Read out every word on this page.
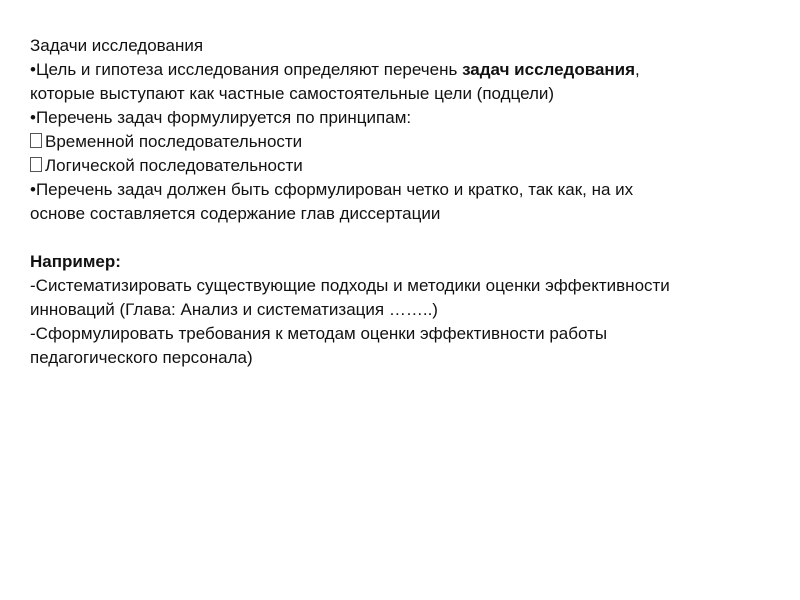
Задачи исследования
•Цель и гипотеза исследования определяют перечень задач исследования,
которые выступают как частные самостоятельные цели (подцели)
•Перечень задач формулируется по принципам:
Временной последовательности
Логической последовательности
•Перечень задач должен быть сформулирован четко и кратко, так как, на их
основе составляется содержание глав диссертации
Например:
-Систематизировать существующие подходы и методики оценки эффективности
инноваций (Глава: Анализ и систематизация ……..)
-Сформулировать требования к методам оценки эффективности работы
педагогического персонала)
